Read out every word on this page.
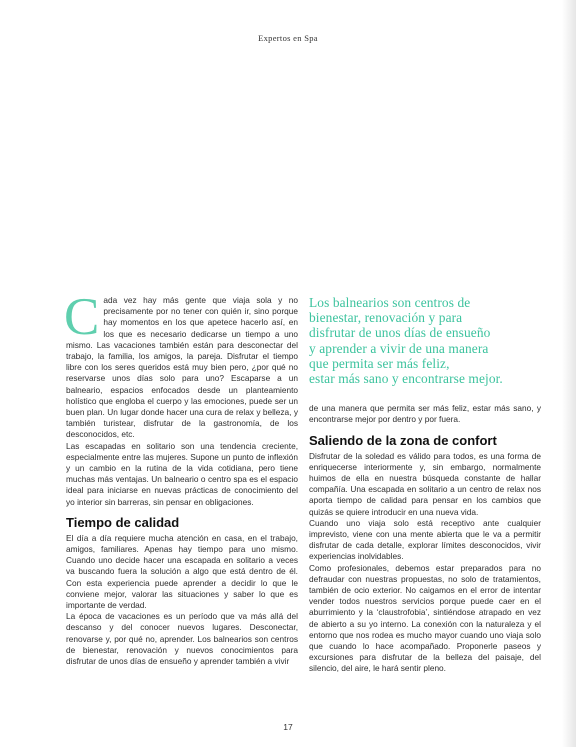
Expertos en Spa

Cada vez hay más gente que viaja sola y no precisamente por no tener con quién ir, sino porque hay momentos en los que apetece hacerlo así, en los que es necesario dedicarse un tiempo a uno mismo. Las vacaciones también están para desconectar del trabajo, la familia, los amigos, la pareja. Disfrutar el tiempo libre con los seres queridos está muy bien pero, ¿por qué no reservarse unos días solo para uno? Escaparse a un balneario, espacios enfocados desde un planteamiento holístico que engloba el cuerpo y las emociones, puede ser un buen plan. Un lugar donde hacer una cura de relax y belleza, y también turistear, disfrutar de la gastronomía, de los desconocidos, etc.

Las escapadas en solitario son una tendencia creciente, especialmente entre las mujeres. Supone un punto de inflexión y un cambio en la rutina de la vida cotidiana, pero tiene muchas más ventajas. Un balneario o centro spa es el espacio ideal para iniciarse en nuevas prácticas de conocimiento del yo interior sin barreras, sin pensar en obligaciones.

Tiempo de calidad

El día a día requiere mucha atención en casa, en el trabajo, amigos, familiares. Apenas hay tiempo para uno mismo. Cuando uno decide hacer una escapada en solitario a veces va buscando fuera la solución a algo que está dentro de él. Con esta experiencia puede aprender a decidir lo que le conviene mejor, valorar las situaciones y saber lo que es importante de verdad.

La época de vacaciones es un período que va más allá del descanso y del conocer nuevos lugares. Desconectar, renovarse y, por qué no, aprender. Los balnearios son centros de bienestar, renovación y nuevos conocimientos para disfrutar de unos días de ensueño y aprender también a vivir

Los balnearios son centros de
bienestar, renovación y para
disfrutar de unos días de ensueño
y aprender a vivir de una manera
que permita ser más feliz,
estar más sano y encontrarse mejor.

de una manera que permita ser más feliz, estar más sano, y encontrarse mejor por dentro y por fuera.

Saliendo de la zona de confort

Disfrutar de la soledad es válido para todos, es una forma de enriquecerse interiormente y, sin embargo, normalmente huimos de ella en nuestra búsqueda constante de hallar compañía. Una escapada en solitario a un centro de relax nos aporta tiempo de calidad para pensar en los cambios que quizás se quiere introducir en una nueva vida.

Cuando uno viaja solo está receptivo ante cualquier imprevisto, viene con una mente abierta que le va a permitir disfrutar de cada detalle, explorar límites desconocidos, vivir experiencias inolvidables.

Como profesionales, debemos estar preparados para no defraudar con nuestras propuestas, no solo de tratamientos, también de ocio exterior. No caigamos en el error de intentar vender todos nuestros servicios porque puede caer en el aburrimiento y la ‘claustrofobia’, sintiéndose atrapado en vez de abierto a su yo interno. La conexión con la naturaleza y el entorno que nos rodea es mucho mayor cuando uno viaja solo que cuando lo hace acompañado. Proponerle paseos y excursiones para disfrutar de la belleza del paisaje, del silencio, del aire, le hará sentir pleno.

17
